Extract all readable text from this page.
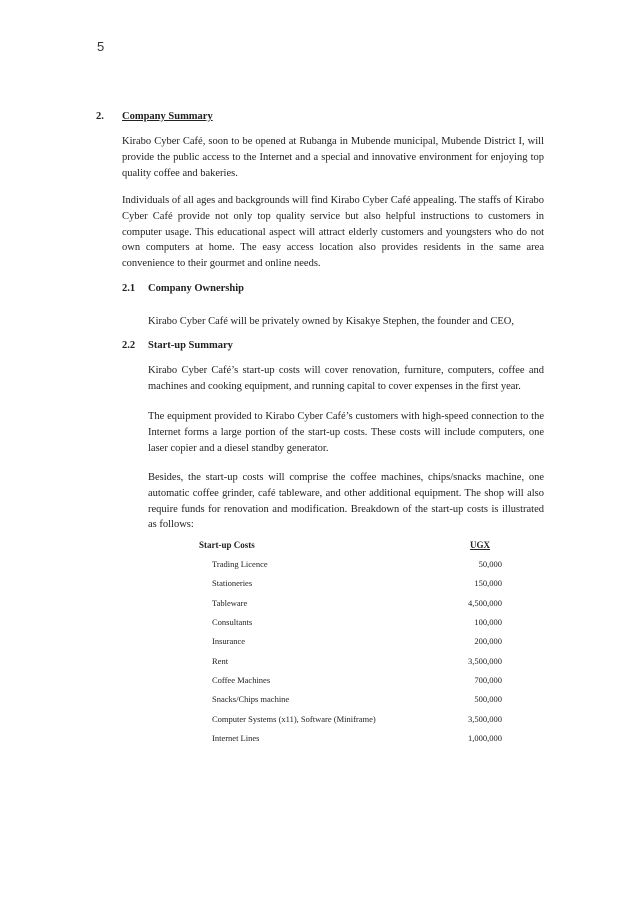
5
2. Company Summary
Kirabo Cyber Café, soon to be opened at Rubanga in Mubende municipal, Mubende District I, will provide the public access to the Internet and a special and innovative environment for enjoying top quality coffee and bakeries.
Individuals of all ages and backgrounds will find Kirabo Cyber Café appealing. The staffs of Kirabo Cyber Café provide not only top quality service but also helpful instructions to customers in computer usage. This educational aspect will attract elderly customers and youngsters who do not own computers at home. The easy access location also provides residents in the same area convenience to their gourmet and online needs.
2.1 Company Ownership
Kirabo Cyber Café will be privately owned by Kisakye Stephen, the founder and CEO,
2.2 Start-up Summary
Kirabo Cyber Café’s start-up costs will cover renovation, furniture, computers, coffee and machines and cooking equipment, and running capital to cover expenses in the first year.
The equipment provided to Kirabo Cyber Café’s customers with high-speed connection to the Internet forms a large portion of the start-up costs. These costs will include computers, one laser copier and a diesel standby generator.
Besides, the start-up costs will comprise the coffee machines, chips/snacks machine, one automatic coffee grinder, café tableware, and other additional equipment. The shop will also require funds for renovation and modification. Breakdown of the start-up costs is illustrated as follows:
Start-up Costs	UGX
Trading Licence	50,000
Stationeries	150,000
Tableware	4,500,000
Consultants	100,000
Insurance	200,000
Rent	3,500,000
Coffee Machines	700,000
Snacks/Chips machine	500,000
Computer Systems (x11), Software (Miniframe)	3,500,000
Internet Lines	1,000,000
